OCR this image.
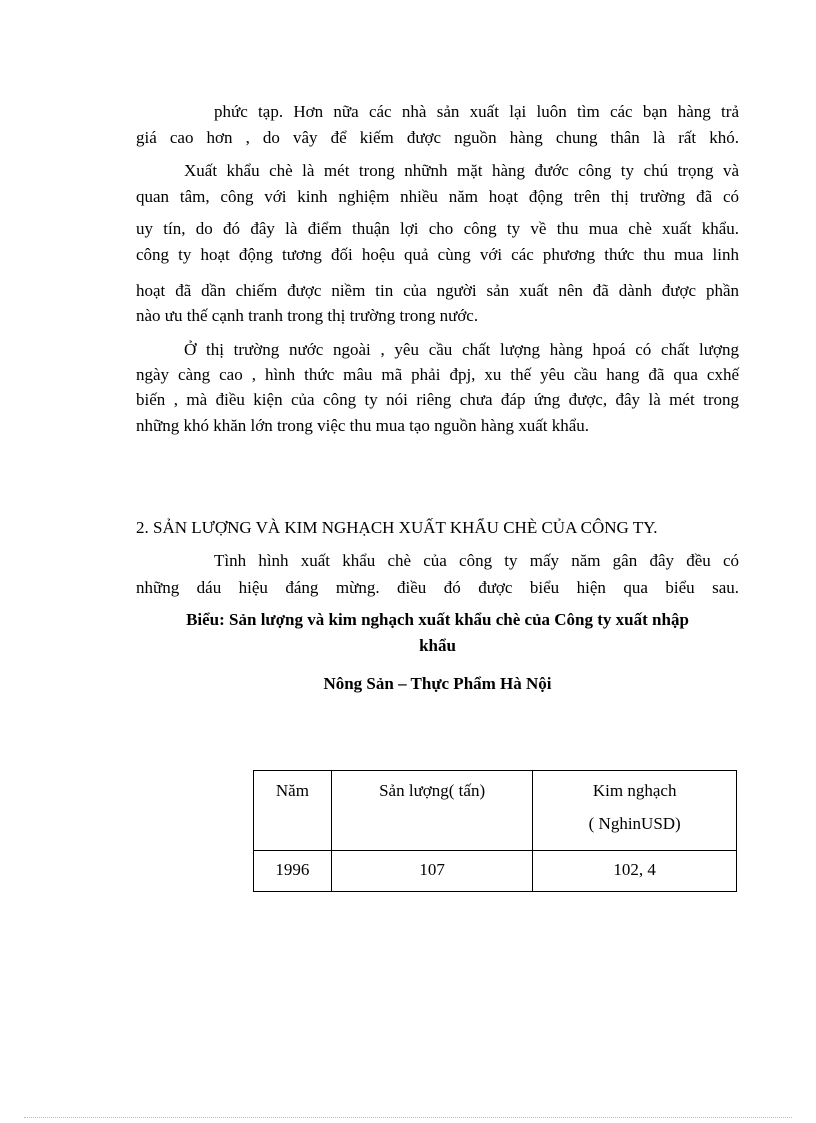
phức tạp. Hơn nữa các nhà sản xuất lại luôn tìm các bạn hàng trả
giá cao hơn , do vây để kiếm được nguồn hàng chung thân là rất khó.
Xuất khẩu chè là mét trong nhữnh mặt hàng đước công ty chú trọng và
quan tâm, công với kinh nghiệm nhiều năm hoạt động trên thị trường đã có
uy tín, do đó đây là điểm thuận lợi cho công ty về thu mua chè xuất khẩu.
công ty hoạt động tương đối hoệu quả cùng với các phương thức thu mua linh
hoạt đã dần chiếm được niềm tin của người sản xuất nên đã dành được phần
nào ưu thế cạnh tranh trong thị trường trong nước.
Ở thị trường nước ngoài , yêu cầu chất lượng hàng hpoá có chất lượng
ngày càng cao , hình thức mâu mã phải đpj, xu thế yêu cầu hang đã qua cxhế
biến , mà điều kiện của công ty nói riêng chưa đáp ứng được, đây là mét trong
những khó khăn lớn trong việc thu mua tạo nguồn hàng xuất khẩu.
2. SẢN LƯỢNG VÀ KIM NGHẠCH XUẤT KHẨU CHÈ CỦA CÔNG TY.
Tình hình xuất khẩu chè của công ty mấy năm gân đây đều có
những dáu hiệu đáng mừng. điều đó được biểu hiện qua biểu sau.
Biểu: Sản lượng và kim nghạch xuất khẩu chè của Công ty xuất nhập
khẩu
Nông Sản – Thực Phẩm Hà Nội
Năm	Sản lượng( tấn)	Kim nghạch
( NghinUSD)

1996	107	102, 4
